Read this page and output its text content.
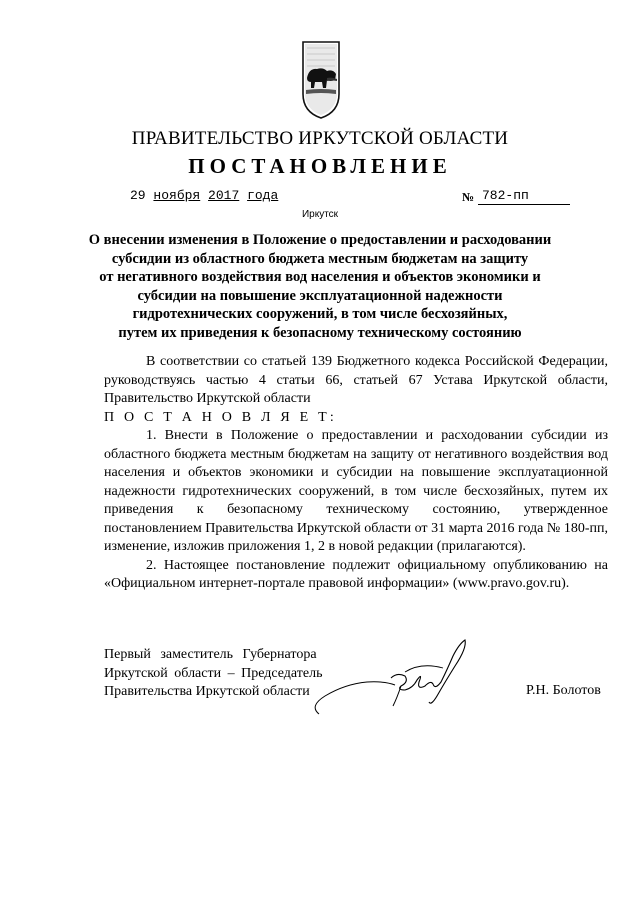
ПРАВИТЕЛЬСТВО ИРКУТСКОЙ ОБЛАСТИ
ПОСТАНОВЛЕНИЕ
29 ноября 2017 года	№ 782-пп
Иркутск
О внесении изменения в Положение о предоставлении и расходовании
субсидии из областного бюджета местным бюджетам на защиту
от негативного воздействия вод населения и объектов экономики и
субсидии на повышение эксплуатационной надежности
гидротехнических сооружений, в том числе бесхозяйных,
путем их приведения к безопасному техническому состоянию

В соответствии со статьей 139 Бюджетного кодекса Российской Федерации, руководствуясь частью 4 статьи 66, статьей 67 Устава Иркутской области, Правительство Иркутской области

П О С Т А Н О В Л Я Е Т:

1. Внести в Положение о предоставлении и расходовании субсидии из областного бюджета местным бюджетам на защиту от негативного воздействия вод населения и объектов экономики и субсидии на повышение эксплуатационной надежности гидротехнических сооружений, в том числе бесхозяйных, путем их приведения к безопасному техническому состоянию, утвержденное постановлением Правительства Иркутской области от 31 марта 2016 года № 180-пп, изменение, изложив приложения 1, 2 в новой редакции (прилагаются).

2. Настоящее постановление подлежит официальному опубликованию на «Официальном интернет-портале правовой информации» (www.pravo.gov.ru).

Первый заместитель Губернатора
Иркутской области – Председатель
Правительства Иркутской области	Р.Н. Болотов
